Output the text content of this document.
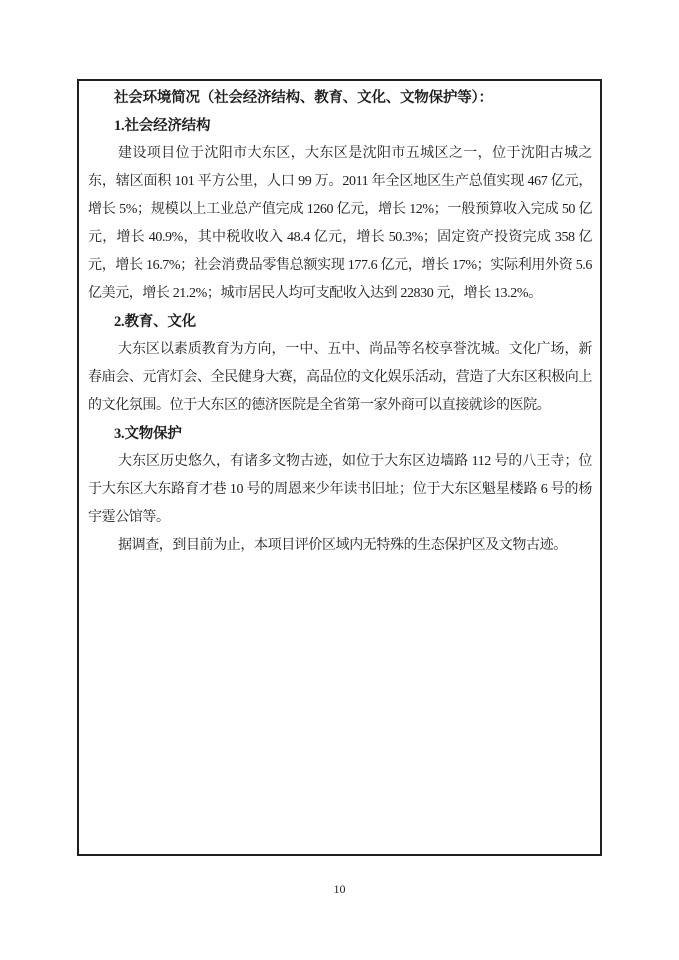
社会环境简况（社会经济结构、教育、文化、文物保护等）：
1.社会经济结构

建设项目位于沈阳市大东区，大东区是沈阳市五城区之一，位于沈阳古城之东，辖区面积 101 平方公里，人口 99 万。2011 年全区地区生产总值实现 467 亿元，增长 5%；规模以上工业总产值完成 1260 亿元，增长 12%；一般预算收入完成 50 亿元，增长 40.9%，其中税收收入 48.4 亿元，增长 50.3%；固定资产投资完成 358 亿元，增长 16.7%；社会消费品零售总额实现 177.6 亿元，增长 17%；实际利用外资 5.6 亿美元，增长 21.2%；城市居民人均可支配收入达到 22830 元，增长 13.2%。

2.教育、文化

大东区以素质教育为方向，一中、五中、尚品等名校享誉沈城。文化广场，新春庙会、元宵灯会、全民健身大赛，高品位的文化娱乐活动，营造了大东区积极向上的文化氛围。位于大东区的德济医院是全省第一家外商可以直接就诊的医院。

3.文物保护

大东区历史悠久，有诸多文物古迹，如位于大东区边墙路 112 号的八王寺；位于大东区大东路育才巷 10 号的周恩来少年读书旧址；位于大东区魁星楼路 6 号的杨宇霆公馆等。

据调查，到目前为止，本项目评价区域内无特殊的生态保护区及文物古迹。

10
